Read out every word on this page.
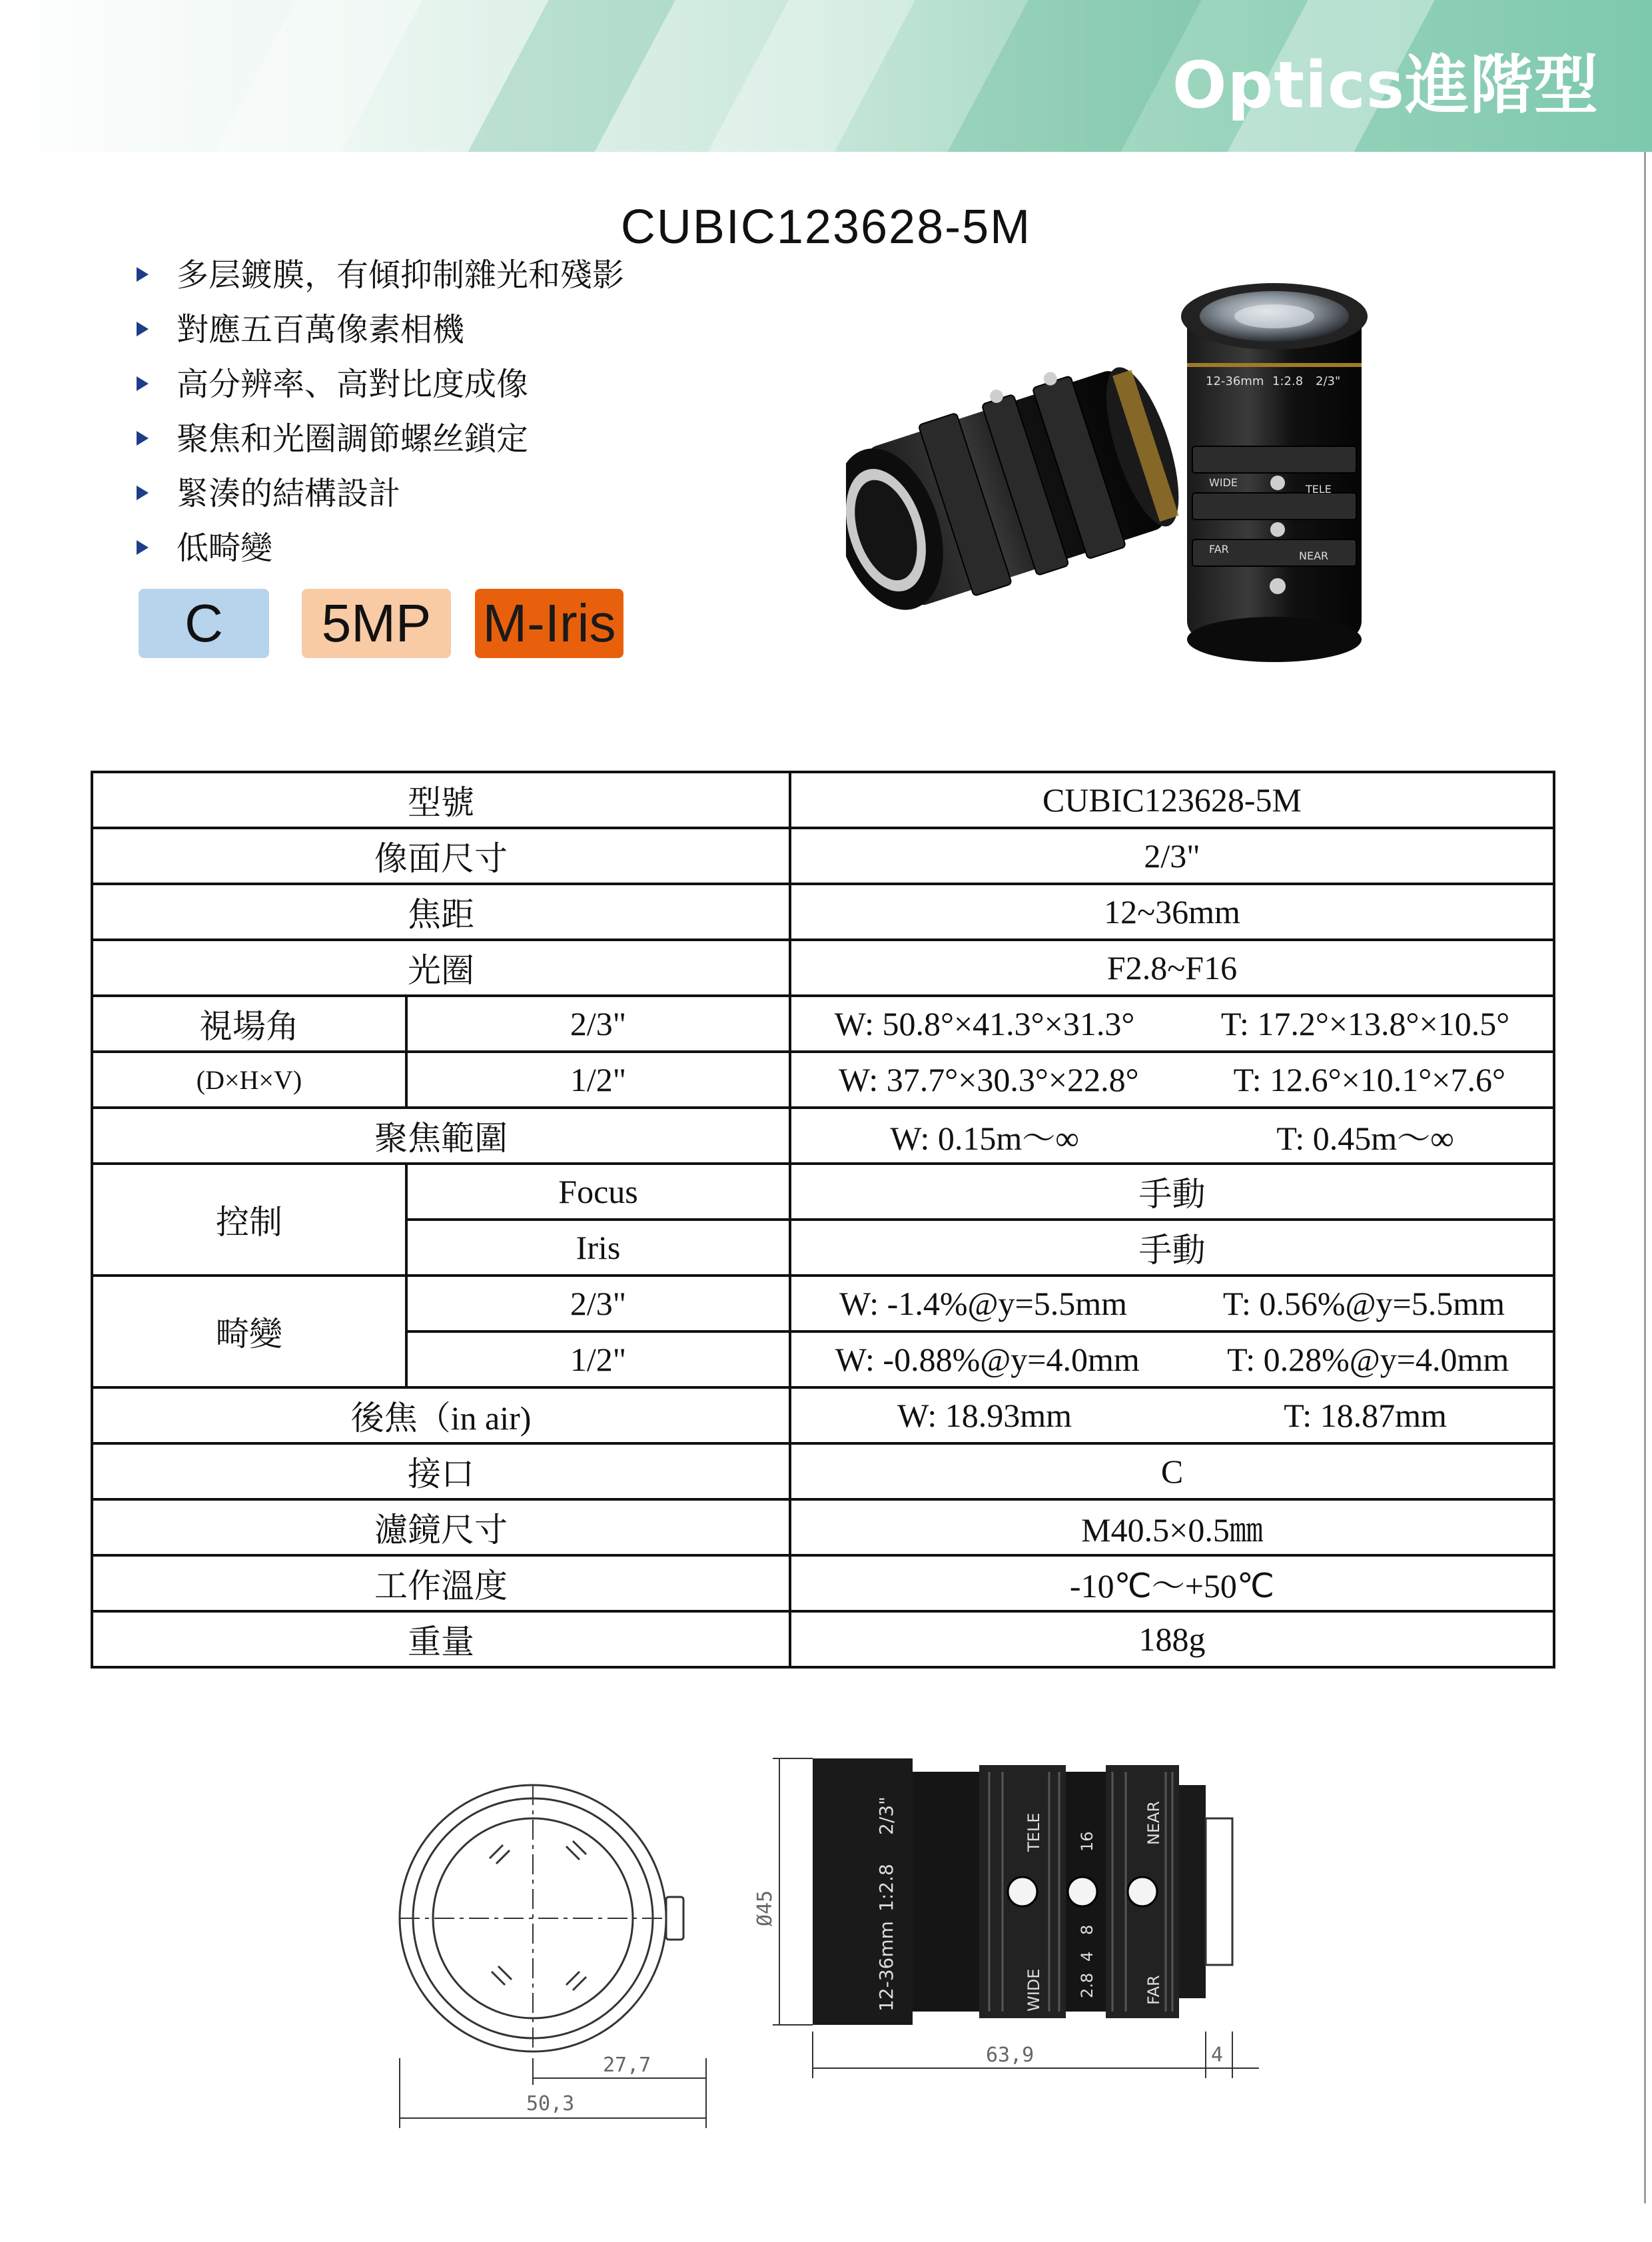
Optics進階型
CUBIC123628-5M
多层鍍膜，有傾抑制雜光和殘影
對應五百萬像素相機
高分辨率、高對比度成像
聚焦和光圈調節螺丝鎖定
緊湊的結構設計
低畸變
C	5MP M-Iris
12-36mm 1:2.8 2/3"
WIDE
TELE
FAR
NEAR
型號		CUBIC123628-5M
像面尺寸		2/3"
焦距		12~36mm
光圈		F2.8~F16
視場角	2/3"	W: 50.8°×41.3°×31.3° T: 17.2°×13.8°×10.5°

(D×H×V)	1/2"	W: 37.7°×30.3°×22.8° T: 12.6°×10.1°×7.6°

聚焦範圍		W: 0.15m～∞ T: 0.45m～∞

控制	Focus	手動
	Iris	手動
畸變	2/3"	W: -1.4%@y=5.5mm T: 0.56%@y=5.5mm

	1/2"	W: -0.88%@y=4.0mm T: 0.28%@y=4.0mm

後焦（in air)		W: 18.93mm T: 18.87mm

接口		C
濾鏡尺寸		M40.5×0.5㎜
工作溫度		-10℃～+50℃
重量		188g
27,7
50,3
Ø45
12-36mm
1:2.8
2/3"	TELE
WIDE
16
8
4
2.8
NEAR
FAR
63,9	4
